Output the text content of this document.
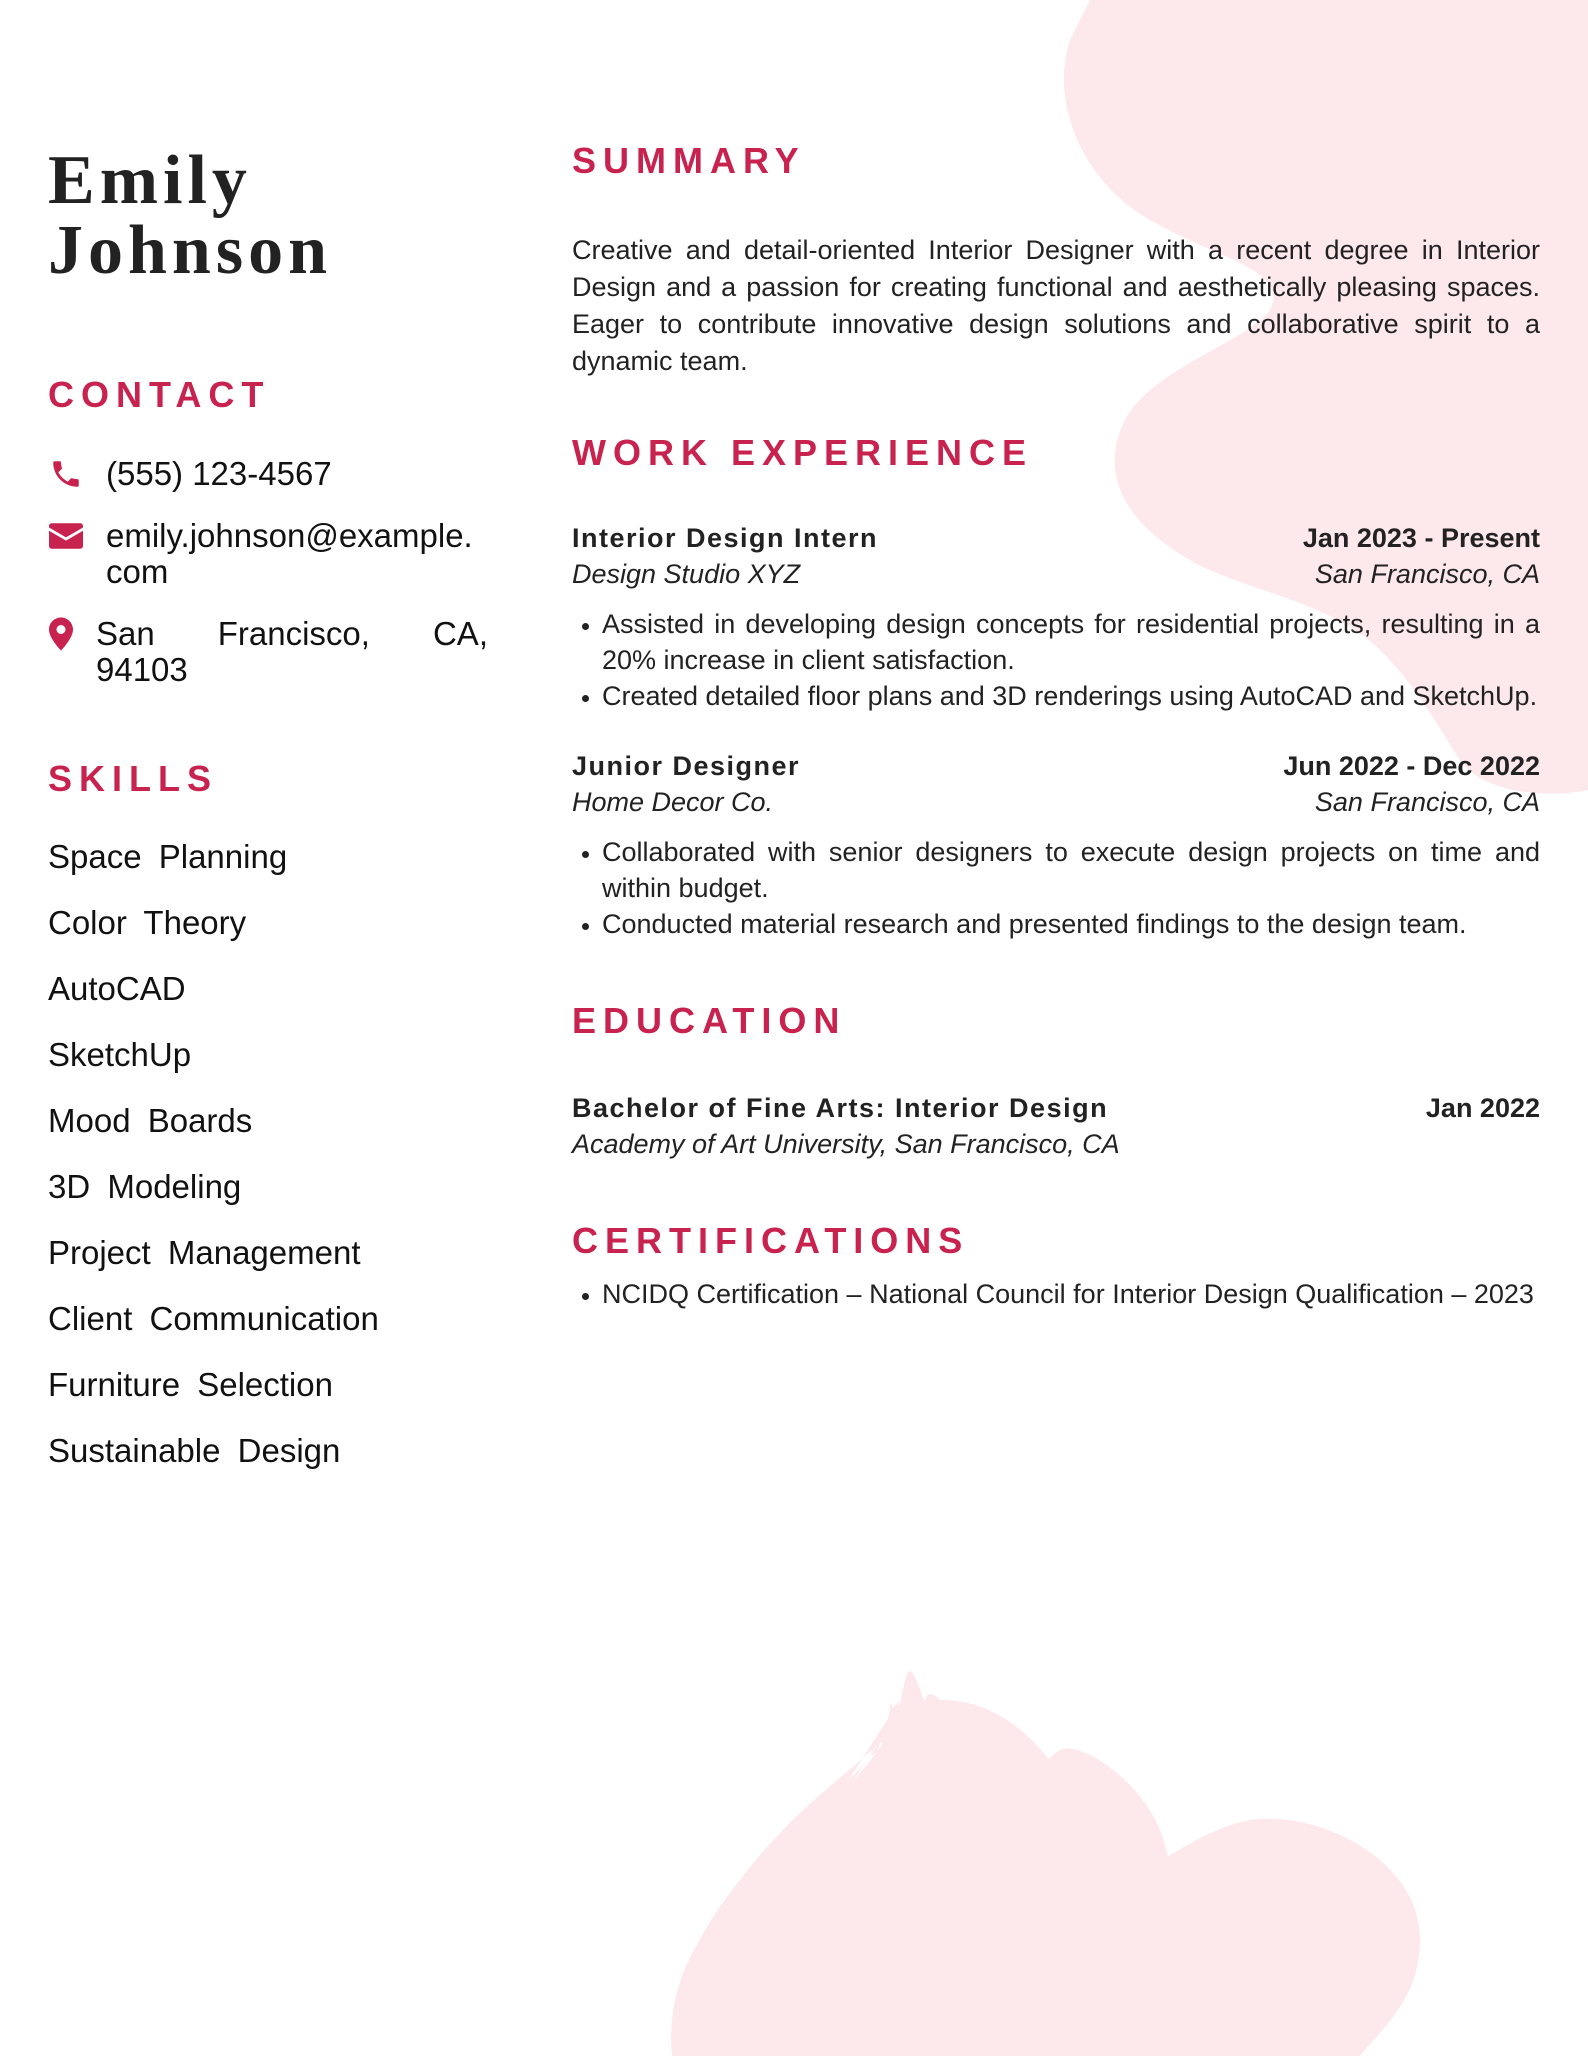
Emily
Johnson
CONTACT
(555) 123-4567
emily.johnson@example.com
San Francisco, CA, 94103
SKILLS
Space Planning
Color Theory
AutoCAD
SketchUp
Mood Boards
3D Modeling
Project Management
Client Communication
Furniture Selection
Sustainable Design
SUMMARY
Creative and detail-oriented Interior Designer with a recent degree in Interior Design and a passion for creating functional and aesthetically pleasing spaces. Eager to contribute innovative design solutions and collaborative spirit to a dynamic team.
WORK EXPERIENCE
Interior Design Intern	Jan 2023 - Present
Design Studio XYZ	San Francisco, CA
• Assisted in developing design concepts for residential projects, resulting in a 20% increase in client satisfaction.
• Created detailed floor plans and 3D renderings using AutoCAD and SketchUp.
Junior Designer	Jun 2022 - Dec 2022
Home Decor Co.	San Francisco, CA
• Collaborated with senior designers to execute design projects on time and within budget.
• Conducted material research and presented findings to the design team.
EDUCATION
Bachelor of Fine Arts: Interior Design	Jan 2022
Academy of Art University, San Francisco, CA
CERTIFICATIONS
• NCIDQ Certification – National Council for Interior Design Qualification – 2023
